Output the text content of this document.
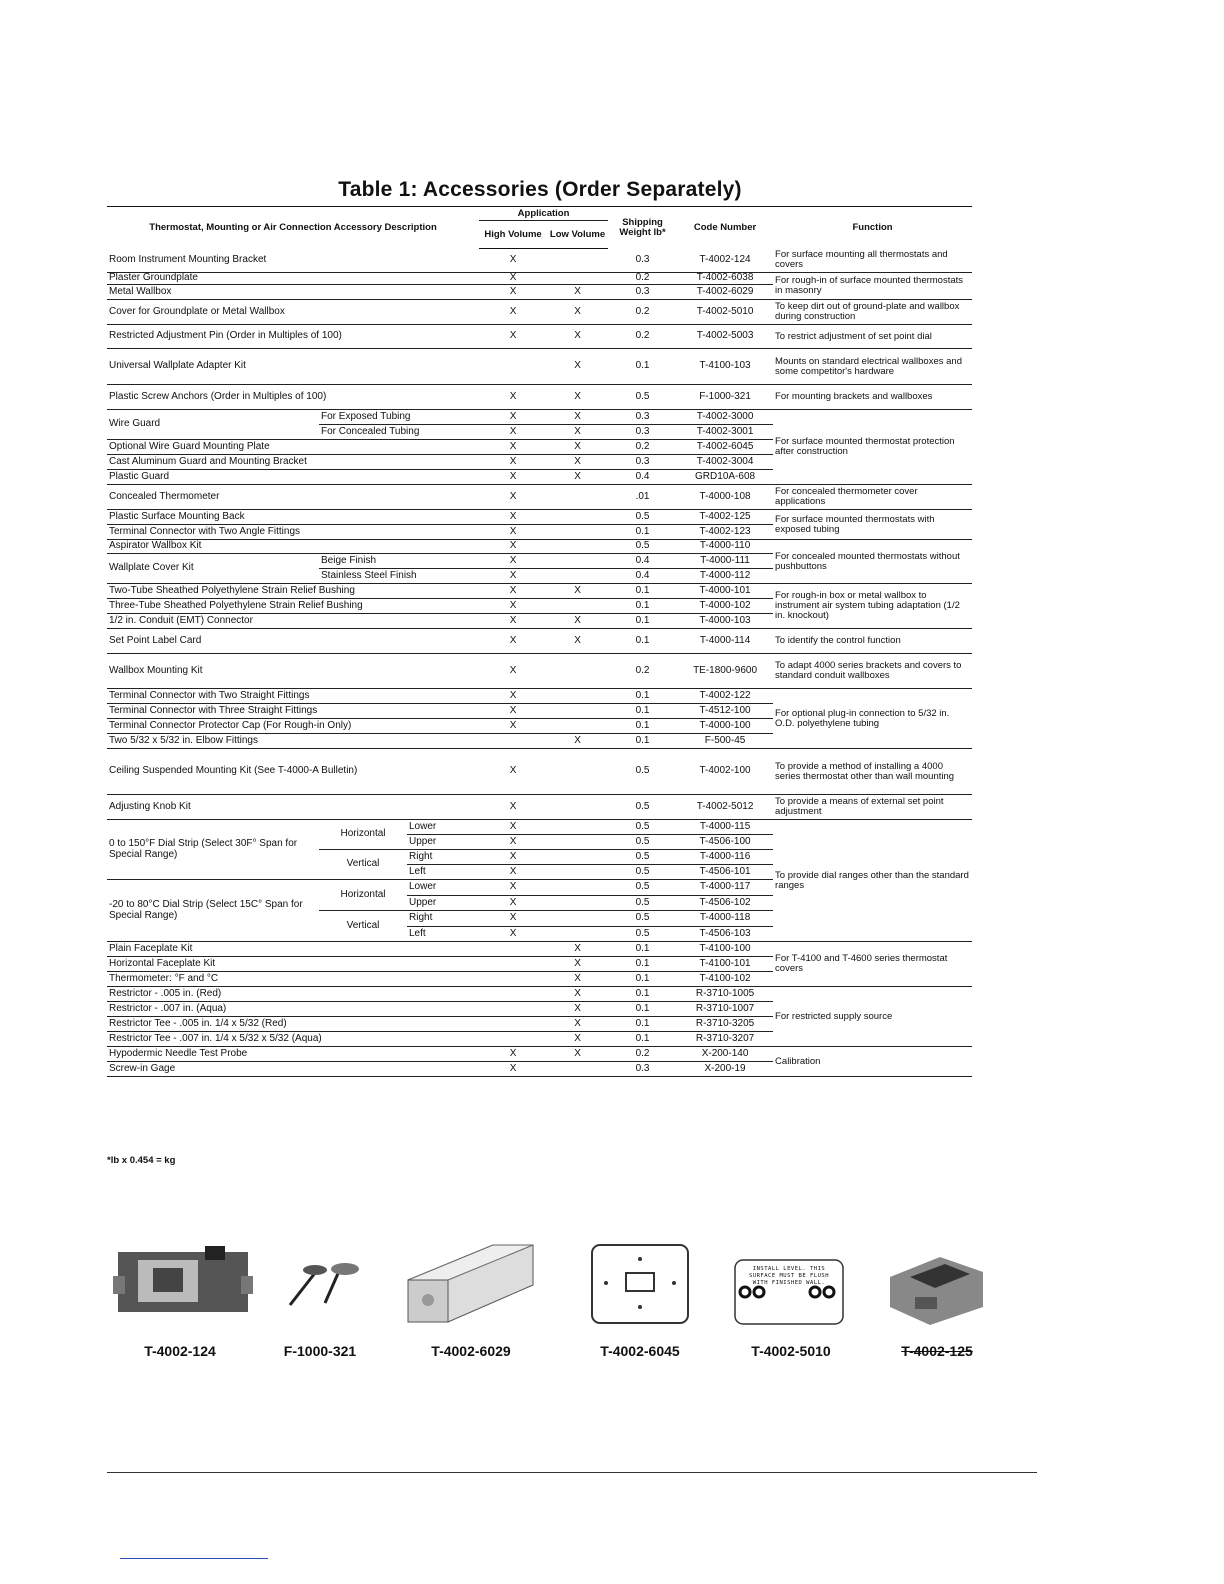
Table 1: Accessories (Order Separately)
Thermostat, Mounting or Air Connection Accessory Description			Application		Shipping Weight lb*	Code Number	Function
			High Volume	Low Volume			
Room Instrument Mounting Bracket			X		0.3	T-4002-124	For surface mounting all thermostats and covers
Plaster Groundplate			X		0.2	T-4002-6038	For rough-in of surface mounted thermostats in masonry
Metal Wallbox			X	X	0.3	T-4002-6029	
Cover for Groundplate or Metal Wallbox			X	X	0.2	T-4002-5010	To keep dirt out of ground-plate and wallbox during construction
Restricted Adjustment Pin (Order in Multiples of 100)			X	X	0.2	T-4002-5003	To restrict adjustment of set point dial
Universal Wallplate Adapter Kit				X	0.1	T-4100-103	Mounts on standard electrical wallboxes and some competitor's hardware
Plastic Screw Anchors (Order in Multiples of 100)			X	X	0.5	F-1000-321	For mounting brackets and wallboxes
Wire Guard	For Exposed Tubing		X	X	0.3	T-4002-3000	For surface mounted thermostat protection after construction
	For Concealed Tubing		X	X	0.3	T-4002-3001	
Optional Wire Guard Mounting Plate			X	X	0.2	T-4002-6045	
Cast Aluminum Guard and Mounting Bracket			X	X	0.3	T-4002-3004	
Plastic Guard			X	X	0.4	GRD10A-608	
Concealed Thermometer			X		.01	T-4000-108	For concealed thermometer cover applications
Plastic Surface Mounting Back			X		0.5	T-4002-125	For surface mounted thermostats with exposed tubing
Terminal Connector with Two Angle Fittings			X		0.1	T-4002-123	
Aspirator Wallbox Kit			X		0.5	T-4000-110	For concealed mounted thermostats without pushbuttons
Wallplate Cover Kit	Beige Finish		X		0.4	T-4000-111	
	Stainless Steel Finish		X		0.4	T-4000-112	
Two-Tube Sheathed Polyethylene Strain Relief Bushing			X	X	0.1	T-4000-101	For rough-in box or metal wallbox to instrument air system tubing adaptation (1/2 in. knockout)
Three-Tube Sheathed Polyethylene Strain Relief Bushing			X		0.1	T-4000-102	
1/2 in. Conduit (EMT) Connector			X	X	0.1	T-4000-103	
Set Point Label Card			X	X	0.1	T-4000-114	To identify the control function
Wallbox Mounting Kit			X		0.2	TE-1800-9600	To adapt 4000 series brackets and covers to standard conduit wallboxes
Terminal Connector with Two Straight Fittings			X		0.1	T-4002-122	For optional plug-in connection to 5/32 in. O.D. polyethylene tubing
Terminal Connector with Three Straight Fittings			X		0.1	T-4512-100	
Terminal Connector Protector Cap (For Rough-in Only)			X		0.1	T-4000-100	
Two 5/32 x 5/32 in. Elbow Fittings				X	0.1	F-500-45	
Ceiling Suspended Mounting Kit (See T-4000-A Bulletin)			X		0.5	T-4002-100	To provide a method of installing a 4000 series thermostat other than wall mounting
Adjusting Knob Kit			X		0.5	T-4002-5012	To provide a means of external set point adjustment
0 to 150°F Dial Strip (Select 30F° Span for Special Range)	Horizontal	Lower	X		0.5	T-4000-115	To provide dial ranges other than the standard ranges
		Upper	X		0.5	T-4506-100	
	Vertical	Right	X		0.5	T-4000-116	
		Left	X		0.5	T-4506-101	
-20 to 80°C Dial Strip (Select 15C° Span for Special Range)	Horizontal	Lower	X		0.5	T-4000-117	
		Upper	X		0.5	T-4506-102	
	Vertical	Right	X		0.5	T-4000-118	
		Left	X		0.5	T-4506-103	
Plain Faceplate Kit				X	0.1	T-4100-100	For T-4100 and T-4600 series thermostat covers
Horizontal Faceplate Kit				X	0.1	T-4100-101	
Thermometer: °F and °C				X	0.1	T-4100-102	
Restrictor - .005 in. (Red)				X	0.1	R-3710-1005	For restricted supply source
Restrictor - .007 in. (Aqua)				X	0.1	R-3710-1007	
Restrictor Tee - .005 in. 1/4 x 5/32 (Red)				X	0.1	R-3710-3205	
Restrictor Tee - .007 in. 1/4 x 5/32 x 5/32 (Aqua)				X	0.1	R-3710-3207	
Hypodermic Needle Test Probe			X	X	0.2	X-200-140	Calibration
Screw-in Gage			X		0.3	X-200-19	
*lb x 0.454 = kg
T-4002-124	F-1000-321	T-4002-6029	T-4002-6045	T-4002-5010	T-4002-125
INSTALL LEVEL. THIS SURFACE MUST BE FLUSH WITH FINISHED WALL.
